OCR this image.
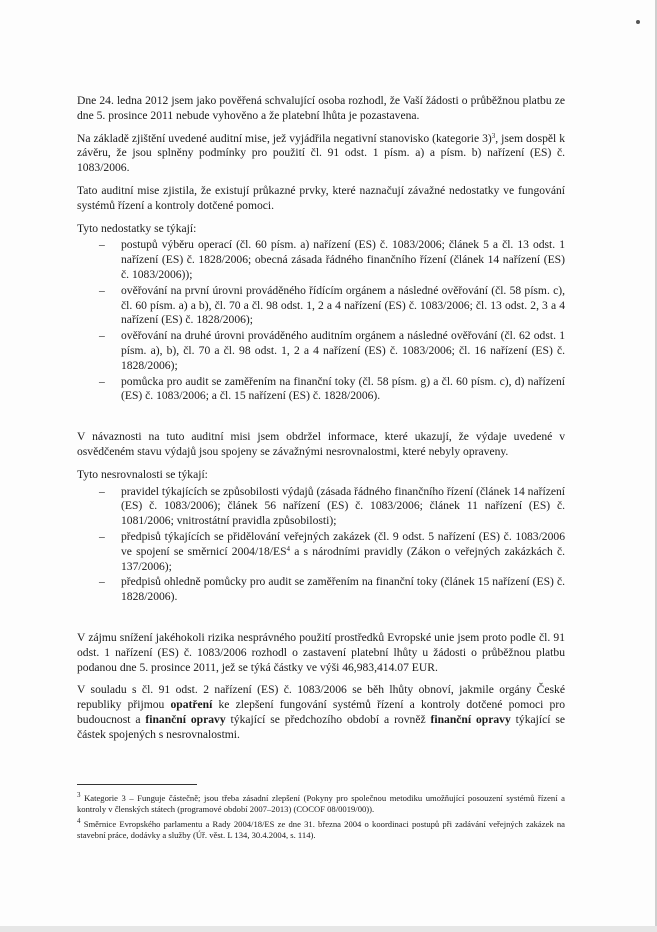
Dne 24. ledna 2012 jsem jako pověřená schvalující osoba rozhodl, že Vaší žádosti o průběžnou platbu ze dne 5. prosince 2011 nebude vyhověno a že platební lhůta je pozastavena.

Na základě zjištění uvedené auditní mise, jež vyjádřila negativní stanovisko (kategorie 3)$^3$, jsem dospěl k závěru, že jsou splněny podmínky pro použití čl. 91 odst. 1 písm. a) a písm. b) nařízení (ES) č. 1083/2006.

Tato auditní mise zjistila, že existují průkazné prvky, které naznačují závažné nedostatky ve fungování systémů řízení a kontroly dotčené pomoci.

Tyto nedostatky se týkají:

– postupů výběru operací (čl. 60 písm. a) nařízení (ES) č. 1083/2006; článek 5 a čl. 13 odst. 1 nařízení (ES) č. 1828/2006; obecná zásada řádného finančního řízení (článek 14 nařízení (ES) č. 1083/2006));
– ověřování na první úrovni prováděného řídícím orgánem a následné ověřování (čl. 58 písm. c), čl. 60 písm. a) a b), čl. 70 a čl. 98 odst. 1, 2 a 4 nařízení (ES) č. 1083/2006; čl. 13 odst. 2, 3 a 4 nařízení (ES) č. 1828/2006);
– ověřování na druhé úrovni prováděného auditním orgánem a následné ověřování (čl. 62 odst. 1 písm. a), b), čl. 70 a čl. 98 odst. 1, 2 a 4 nařízení (ES) č. 1083/2006; čl. 16 nařízení (ES) č. 1828/2006);
– pomůcka pro audit se zaměřením na finanční toky (čl. 58 písm. g) a čl. 60 písm. c), d) nařízení (ES) č. 1083/2006; a čl. 15 nařízení (ES) č. 1828/2006).

V návaznosti na tuto auditní misi jsem obdržel informace, které ukazují, že výdaje uvedené v osvědčeném stavu výdajů jsou spojeny se závažnými nesrovnalostmi, které nebyly opraveny.

Tyto nesrovnalosti se týkají:

– pravidel týkajících se způsobilosti výdajů (zásada řádného finančního řízení (článek 14 nařízení (ES) č. 1083/2006); článek 56 nařízení (ES) č. 1083/2006; článek 11 nařízení (ES) č. 1081/2006; vnitrostátní pravidla způsobilosti);
– předpisů týkajících se přidělování veřejných zakázek (čl. 9 odst. 5 nařízení (ES) č. 1083/2006 ve spojení se směrnicí $2004/18/ES^4$ a s národními pravidly (Zákon o veřejných zakázkách č. 137/2006);
– předpisů ohledně pomůcky pro audit se zaměřením na finanční toky (článek 15 nařízení (ES) č. 1828/2006).

V zájmu snížení jakéhokoli rizika nesprávného použití prostředků Evropské unie jsem proto podle čl. 91 odst. 1 nařízení (ES) č. 1083/2006 rozhodl o zastavení platební lhůty u žádosti o průběžnou platbu podanou dne 5. prosince 2011, jež se týká částky ve výši 46,983,414.07 EUR.

V souladu s čl. 91 odst. 2 nařízení (ES) č. 1083/2006 se běh lhůty obnoví, jakmile orgány České republiky přijmou opatření ke zlepšení fungování systémů řízení a kontroly dotčené pomoci pro budoucnost a finanční opravy týkající se předchozího období a rovněž finanční opravy týkající se částek spojených s nesrovnalostmi.

$^3$ Kategorie 3 – Funguje částečně; jsou třeba zásadní zlepšení (Pokyny pro společnou metodiku umožňující posouzení systémů řízení a kontroly v členských státech (programové období 2007–2013) (COCOF 08/0019/00)).
$^4$ Směrnice Evropského parlamentu a Rady 2004/18/ES ze dne 31. března 2004 o koordinaci postupů při zadávání veřejných zakázek na stavební práce, dodávky a služby (Úř. věst. L 134, 30.4.2004, s. 114).
